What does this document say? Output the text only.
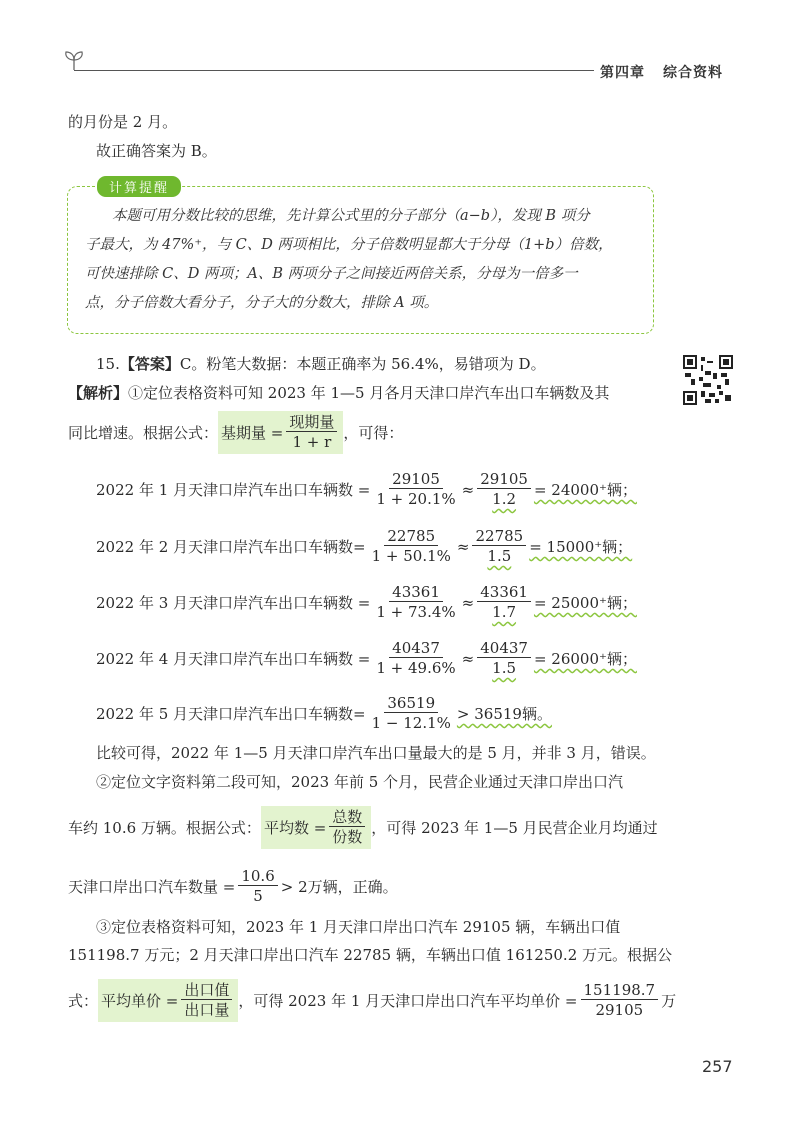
第四章 综合资料
的月份是 2 月。
故正确答案为 B。
计算提醒
本题可用分数比较的思维，先计算公式里的分子部分（a−b），发现 B 项分
子最大，为 47%⁺，与 C、D 两项相比，分子倍数明显都大于分母（1+b）倍数，
可快速排除 C、D 两项；A、B 两项分子之间接近两倍关系，分母为一倍多一
点，分子倍数大看分子，分子大的分数大，排除 A 项。
15.【答案】C。粉笔大数据：本题正确率为 56.4%，易错项为 D。
【解析】①定位表格资料可知 2023 年 1—5 月各月天津口岸汽车出口车辆数及其
同比增速。根据公式： 基期量 = $\frac{\text{现期量}}{1 + r}$ ，可得：
2022 年 1 月天津口岸汽车出口车辆数 = $\frac{29105}{1 + 20.1\%} \approx \frac{29105}{1.2} = 24000^+$辆；
2022 年 2 月天津口岸汽车出口车辆数= $\frac{22785}{1 + 50.1\%} \approx \frac{22785}{1.5} = 15000^+$辆；
2022 年 3 月天津口岸汽车出口车辆数 = $\frac{43361}{1 + 73.4\%} \approx \frac{43361}{1.7} = 25000^+$辆；
2022 年 4 月天津口岸汽车出口车辆数 = $\frac{40437}{1 + 49.6\%} \approx \frac{40437}{1.5} = 26000^+$辆；
2022 年 5 月天津口岸汽车出口车辆数= $\frac{36519}{1 - 12.1\%} > 36519$辆。
比较可得，2022 年 1—5 月天津口岸汽车出口量最大的是 5 月，并非 3 月，错误。
②定位文字资料第二段可知，2023 年前 5 个月，民营企业通过天津口岸出口汽
车约 10.6 万辆。根据公式： 平均数 = $\frac{\text{总数}}{\text{份数}}$ ，可得 2023 年 1—5 月民营企业月均通过
天津口岸出口汽车数量 = $\frac{10.6}{5} > 2$万辆，正确。
③定位表格资料可知，2023 年 1 月天津口岸出口汽车 29105 辆，车辆出口值
151198.7 万元；2 月天津口岸出口汽车 22785 辆，车辆出口值 161250.2 万元。根据公
式： 平均单价 = $\frac{\text{出口值}}{\text{出口量}}$ ，可得 2023 年 1 月天津口岸出口汽车平均单价 = $\frac{151198.7}{29105}$ 万
257
